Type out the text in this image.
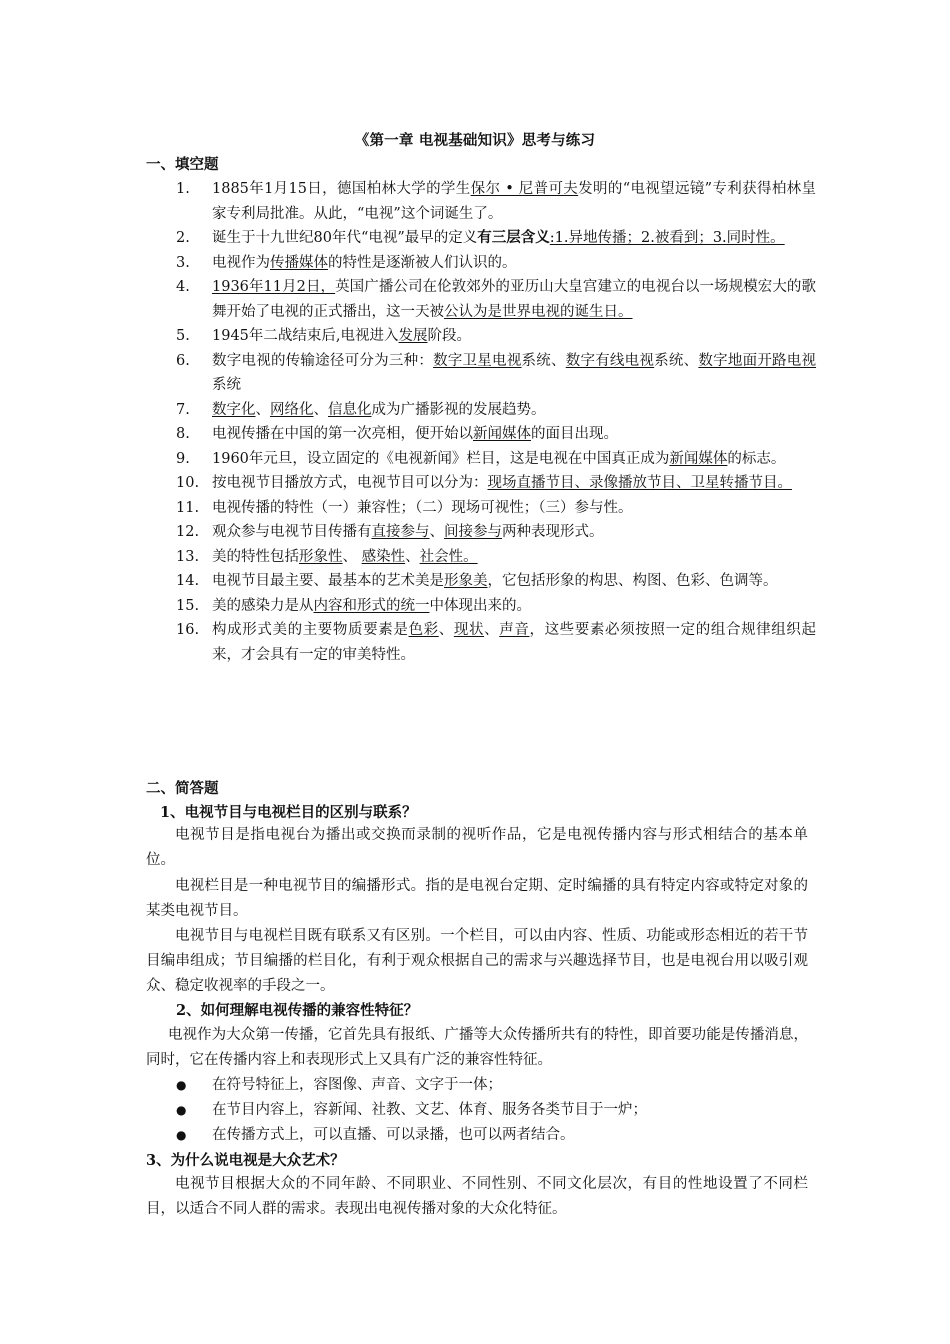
《第一章 电视基础知识》思考与练习
一、填空题
1.	1885年1月15日，德国柏林大学的学生保尔 • 尼普可夫发明的“电视望远镜”专利获得柏林皇家专利局批准。从此，“电视”这个词诞生了。
2.	诞生于十九世纪80年代“电视”最早的定义有三层含义:1.异地传播；2.被看到；3.同时性。
3.	电视作为传播媒体的特性是逐渐被人们认识的。
4.	1936年11月2日，英国广播公司在伦敦郊外的亚历山大皇宫建立的电视台以一场规模宏大的歌舞开始了电视的正式播出，这一天被公认为是世界电视的诞生日。
5.	1945年二战结束后,电视进入发展阶段。
6.	数字电视的传输途径可分为三种：数字卫星电视系统、数字有线电视系统、数字地面开路电视系统
7.	数字化、网络化、信息化成为广播影视的发展趋势。
8.	电视传播在中国的第一次亮相，便开始以新闻媒体的面目出现。
9.	1960年元旦，设立固定的《电视新闻》栏目，这是电视在中国真正成为新闻媒体的标志。
10. 按电视节目播放方式，电视节目可以分为：现场直播节目、录像播放节目、卫星转播节目。
11. 电视传播的特性（一）兼容性；（二）现场可视性；（三）参与性。
12. 观众参与电视节目传播有直接参与、间接参与两种表现形式。
13. 美的特性包括形象性、 感染性、社会性。
14. 电视节目最主要、最基本的艺术美是形象美，它包括形象的构思、构图、色彩、色调等。
15. 美的感染力是从内容和形式的统一中体现出来的。
16. 构成形式美的主要物质要素是色彩、现状、声音，这些要素必须按照一定的组合规律组织起来，才会具有一定的审美特性。
二、简答题
1、电视节目与电视栏目的区别与联系？
电视节目是指电视台为播出或交换而录制的视听作品，它是电视传播内容与形式相结合的基本单位。
电视栏目是一种电视节目的编播形式。指的是电视台定期、定时编播的具有特定内容或特定对象的某类电视节目。
电视节目与电视栏目既有联系又有区别。一个栏目，可以由内容、性质、功能或形态相近的若干节目编串组成；节目编播的栏目化，有利于观众根据自己的需求与兴趣选择节目，也是电视台用以吸引观众、稳定收视率的手段之一。
2、如何理解电视传播的兼容性特征？
电视作为大众第一传播，它首先具有报纸、广播等大众传播所共有的特性，即首要功能是传播消息，同时，它在传播内容上和表现形式上又具有广泛的兼容性特征。
●	在符号特征上，容图像、声音、文字于一体；
●	在节目内容上，容新闻、社教、文艺、体育、服务各类节目于一炉；
●	在传播方式上，可以直播、可以录播，也可以两者结合。
3、为什么说电视是大众艺术？
电视节目根据大众的不同年龄、不同职业、不同性别、不同文化层次，有目的性地设置了不同栏目，以适合不同人群的需求。表现出电视传播对象的大众化特征。
